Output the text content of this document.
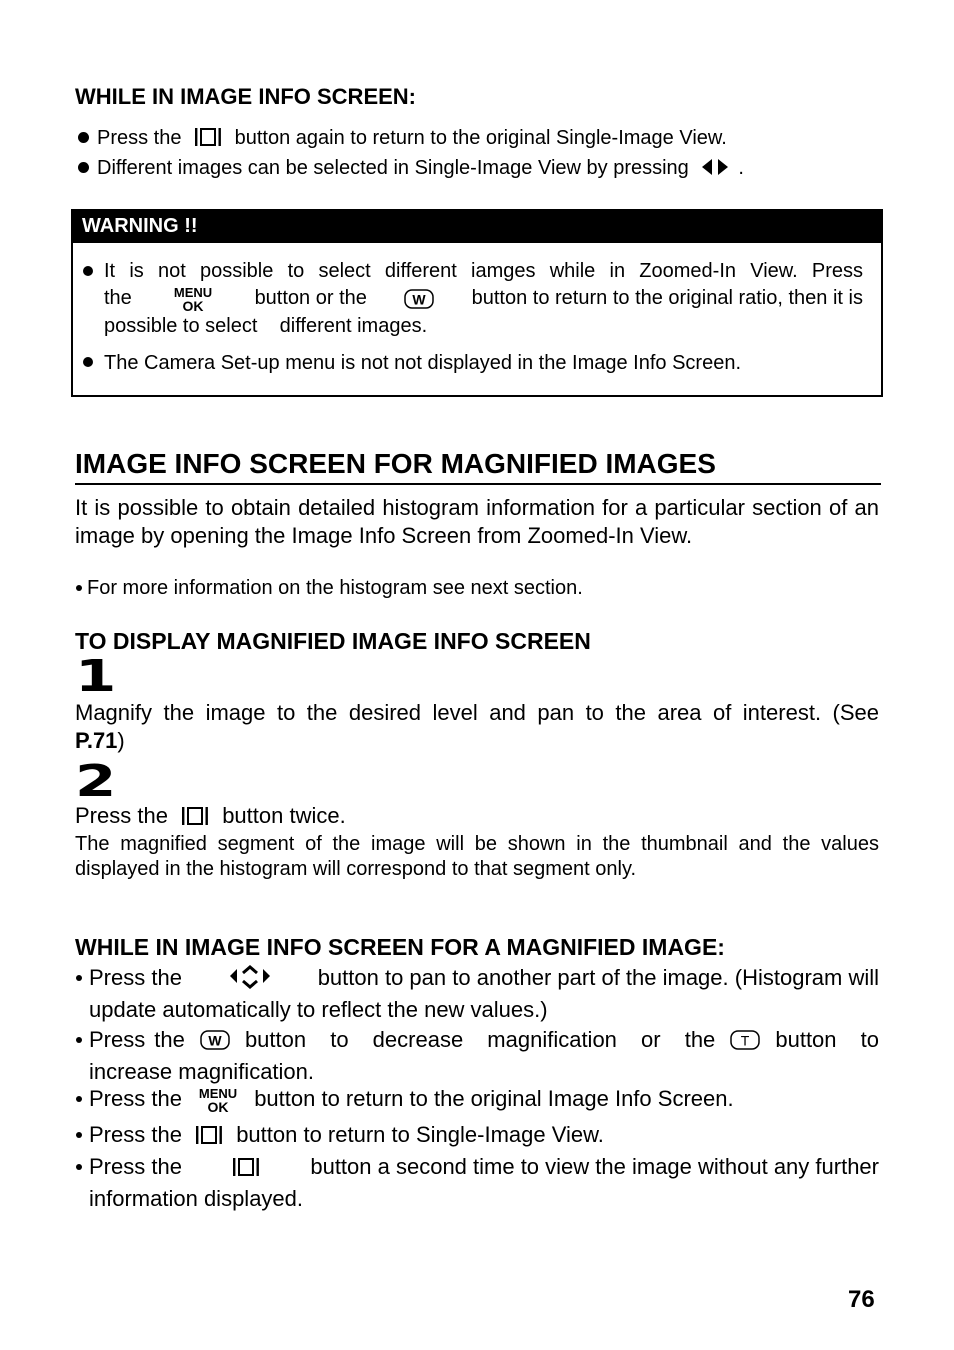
WHILE IN IMAGE INFO SCREEN:
Press the	button again to return to the original Single-Image View.
Different images can be selected in Single-Image View by pressing .
WARNING !!
It is not possible to select different iamges while in Zoomed-In View. Press
the	MENU
OK	button or the	W button to return to the original ratio, then it is
possible to select    different images.
The Camera Set-up menu is not not displayed in the Image Info Screen.
IMAGE INFO SCREEN FOR MAGNIFIED IMAGES
It is possible to obtain detailed histogram information for a particular section of an image by opening the Image Info Screen from Zoomed-In View.
For more information on the histogram see next section.
TO DISPLAY MAGNIFIED IMAGE INFO SCREEN
1
Magnify the image to the desired level and pan to the area of interest. (See
P.71)
2
Press the button twice.
The magnified segment of the image will be shown in the thumbnail and the values displayed in the histogram will correspond to that segment only.
WHILE IN IMAGE INFO SCREEN FOR A MAGNIFIED IMAGE:
Press the	button to pan to another part of the image. (Histogram will
update automatically to reflect the new values.)
Press the W button to decrease magnification or the T button to
increase magnification.
Press the MENU
OK button to return to the original Image Info Screen.
Press the button to return to Single-Image View.
Press the	button a second time to view the image without any further
information displayed.
76
